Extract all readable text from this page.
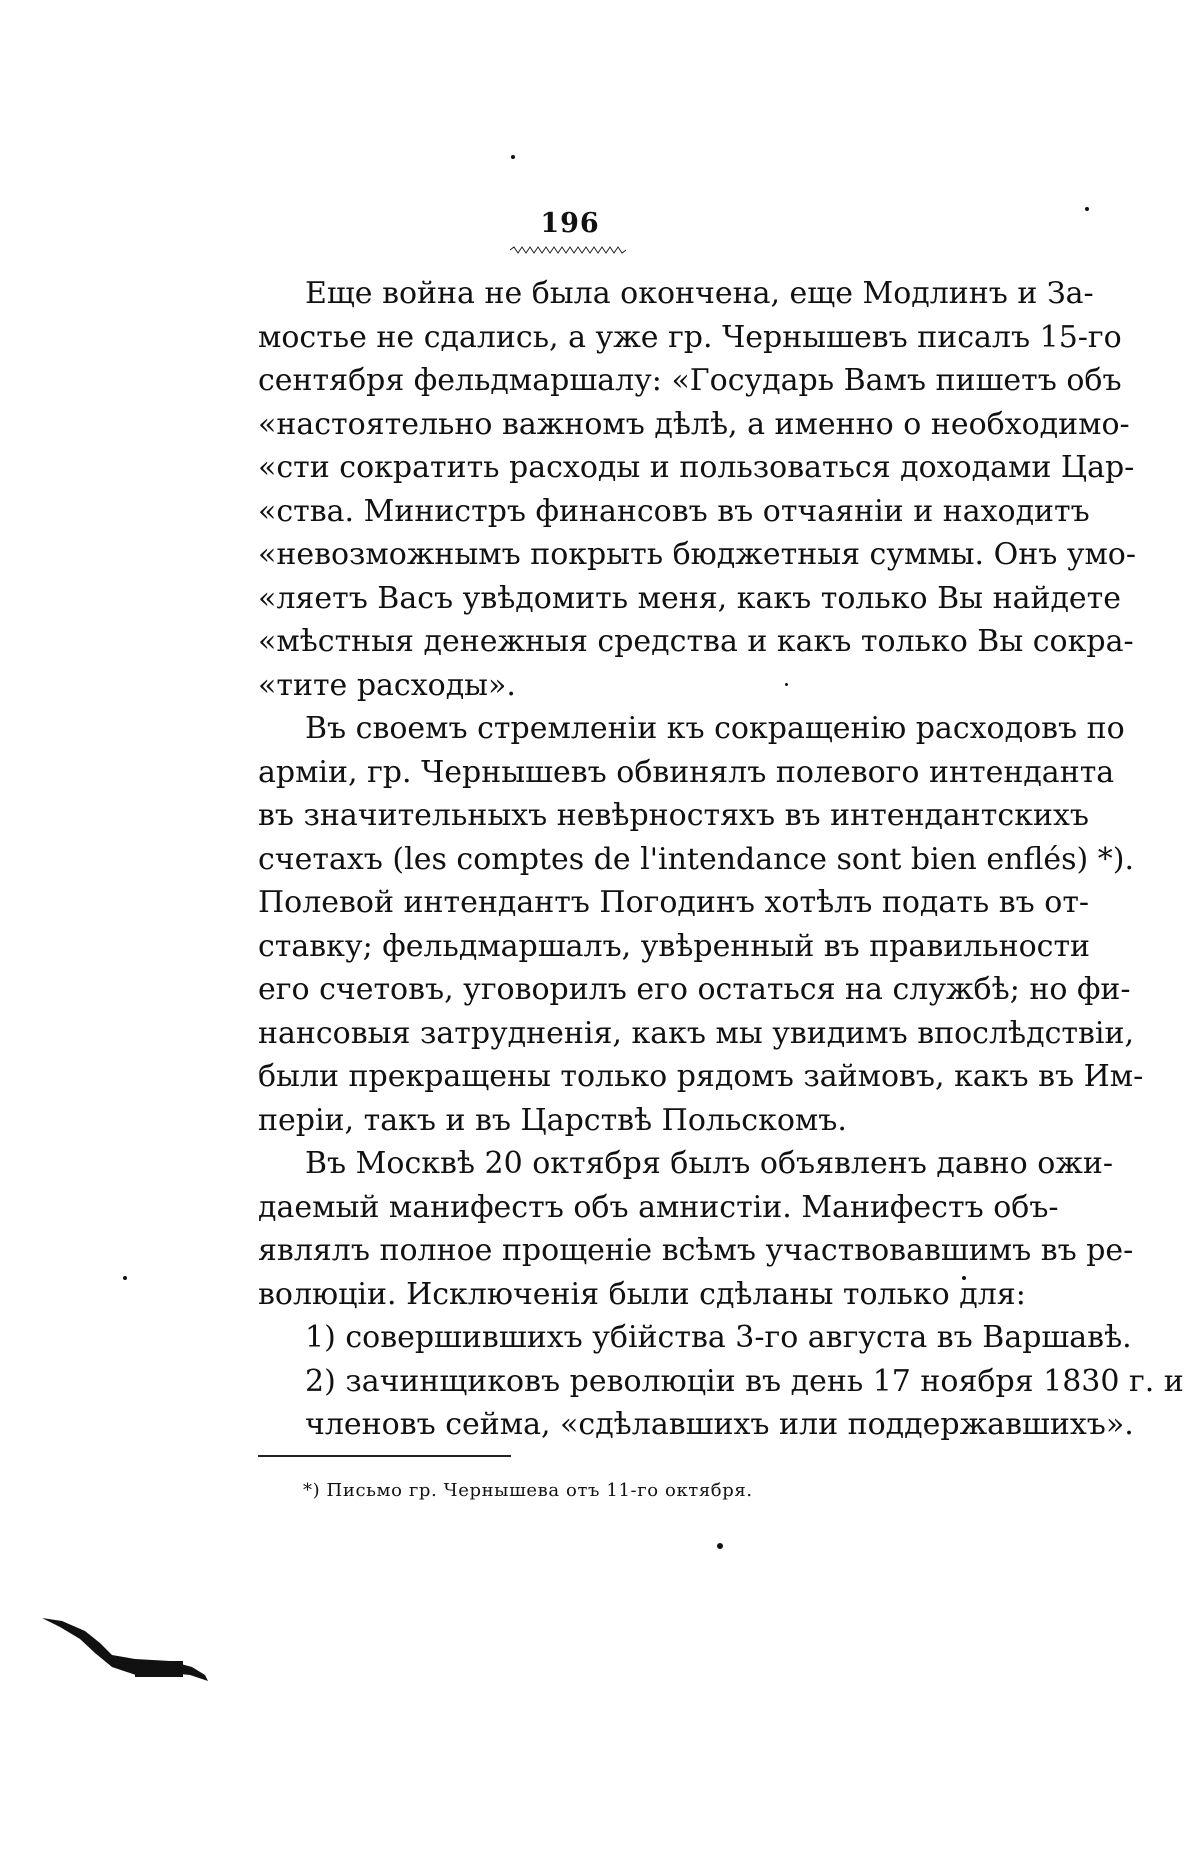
196
Еще война не была окончена, еще Модлинъ и За-
мостье не сдались, а уже гр. Чернышевъ писалъ 15-го
сентября фельдмаршалу: «Государь Вамъ пишетъ объ
«настоятельно важномъ дѣлѣ, а именно о необходимо-
«сти сократить расходы и пользоваться доходами Цар-
«ства. Министръ финансовъ въ отчаяніи и находитъ
«невозможнымъ покрыть бюджетныя суммы. Онъ умо-
«ляетъ Васъ увѣдомить меня, какъ только Вы найдете
«мѣстныя денежныя средства и какъ только Вы сокра-
«тите расходы».
Въ своемъ стремленіи къ сокращенію расходовъ по
арміи, гр. Чернышевъ обвинялъ полевого интенданта
въ значительныхъ невѣрностяхъ въ интендантскихъ
счетахъ (les comptes de l'intendance sont bien enflés) *).
Полевой интендантъ Погодинъ хотѣлъ подать въ от-
ставку; фельдмаршалъ, увѣренный въ правильности
его счетовъ, уговорилъ его остаться на службѣ; но фи-
нансовыя затрудненія, какъ мы увидимъ впослѣдствіи,
были прекращены только рядомъ займовъ, какъ въ Им-
періи, такъ и въ Царствѣ Польскомъ.
Въ Москвѣ 20 октября былъ объявленъ давно ожи-
даемый манифестъ объ амнистіи. Манифестъ объ-
являлъ полное прощеніе всѣмъ участвовавшимъ въ ре-
волюціи. Исключенія были сдѣланы только для:
1) совершившихъ убійства 3-го августа въ Варшавѣ.
2) зачинщиковъ революціи въ день 17 ноября 1830 г. и
членовъ сейма, «сдѣлавшихъ или поддержавшихъ».
*) Письмо гр. Чернышева отъ 11-го октября.
